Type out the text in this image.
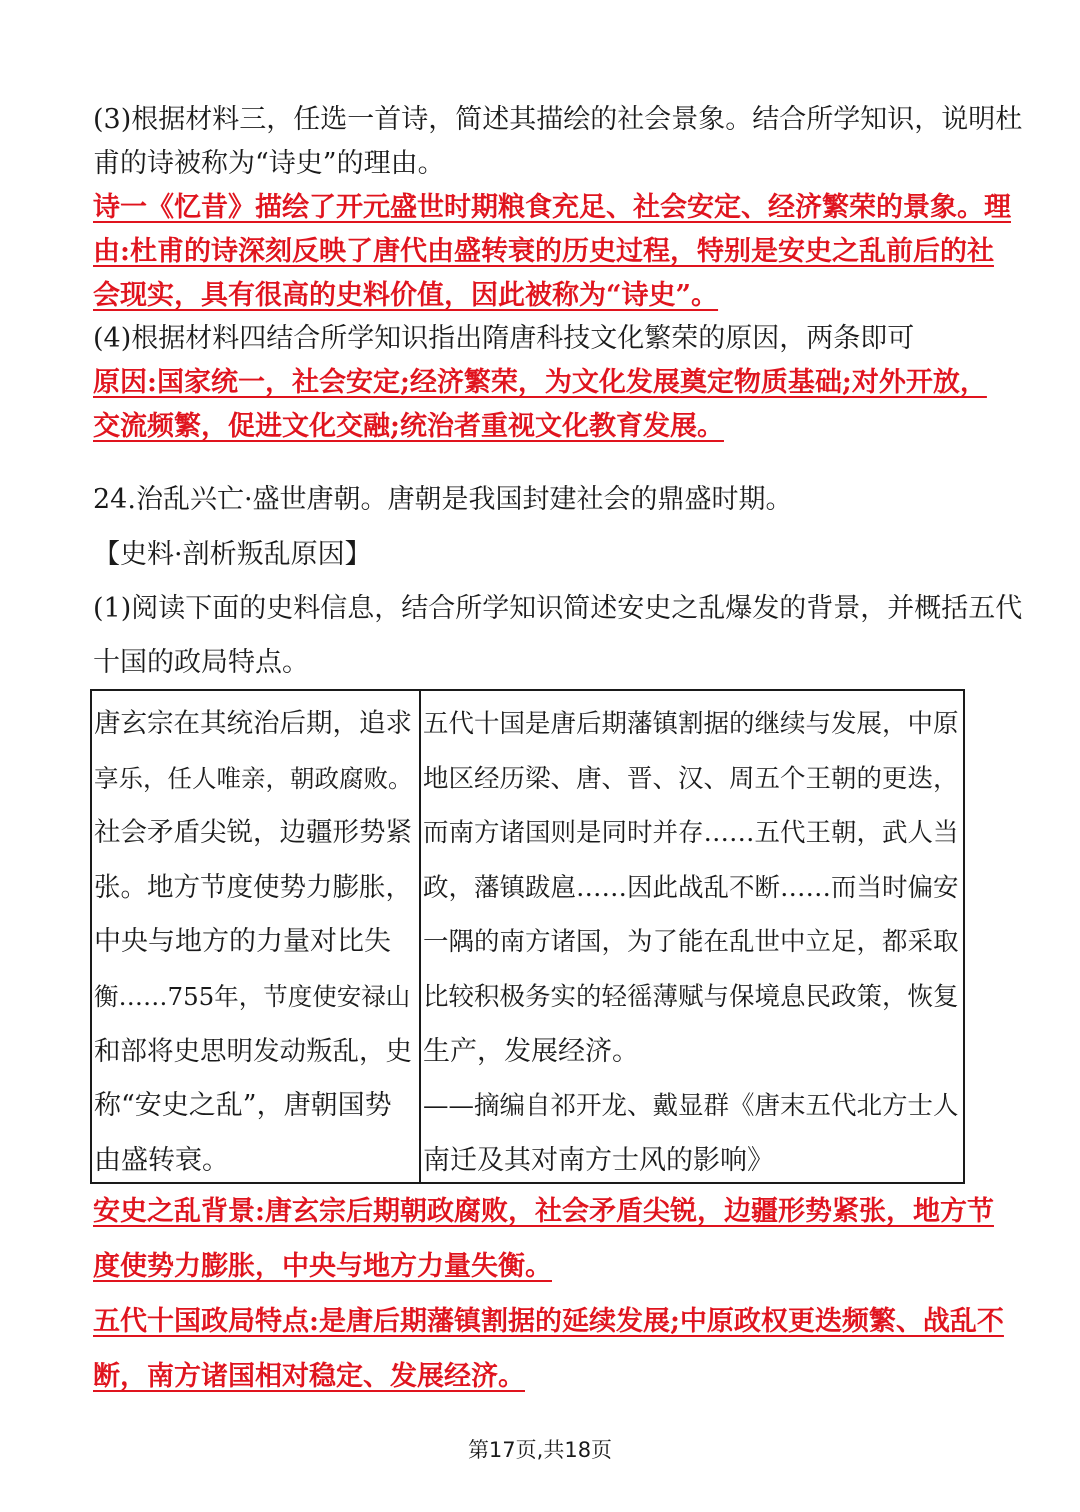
(3)根据材料三，任选一首诗，简述其描绘的社会景象。结合所学知识，说明杜
甫的诗被称为“诗史”的理由。
诗一《忆昔》描绘了开元盛世时期粮食充足、社会安定、经济繁荣的景象。理
由:杜甫的诗深刻反映了唐代由盛转衰的历史过程，特别是安史之乱前后的社
会现实，具有很高的史料价值，因此被称为“诗史”。
(4)根据材料四结合所学知识指出隋唐科技文化繁荣的原因，两条即可
原因:国家统一，社会安定;经济繁荣，为文化发展奠定物质基础;对外开放，
交流频繁，促进文化交融;统治者重视文化教育发展。
24.治乱兴亡·盛世唐朝。唐朝是我国封建社会的鼎盛时期。
【史料·剖析叛乱原因】
(1)阅读下面的史料信息，结合所学知识简述安史之乱爆发的背景，并概括五代
十国的政局特点。
唐玄宗在其统治后期，追求
享乐，任人唯亲，朝政腐败。
社会矛盾尖锐，边疆形势紧
张。地方节度使势力膨胀，
中央与地方的力量对比失
衡……755年，节度使安禄山
和部将史思明发动叛乱，史
称“安史之乱”，唐朝国势
由盛转衰。
五代十国是唐后期藩镇割据的继续与发展，中原
地区经历梁、唐、晋、汉、周五个王朝的更迭，
而南方诸国则是同时并存……五代王朝，武人当
政，藩镇跋扈……因此战乱不断……而当时偏安
一隅的南方诸国，为了能在乱世中立足，都采取
比较积极务实的轻徭薄赋与保境息民政策，恢复
生产，发展经济。
——摘编自祁开龙、戴显群《唐末五代北方士人
南迁及其对南方士风的影响》
安史之乱背景:唐玄宗后期朝政腐败，社会矛盾尖锐，边疆形势紧张，地方节
度使势力膨胀，中央与地方力量失衡。
五代十国政局特点:是唐后期藩镇割据的延续发展;中原政权更迭频繁、战乱不
断，南方诸国相对稳定、发展经济。
第17页,共18页
